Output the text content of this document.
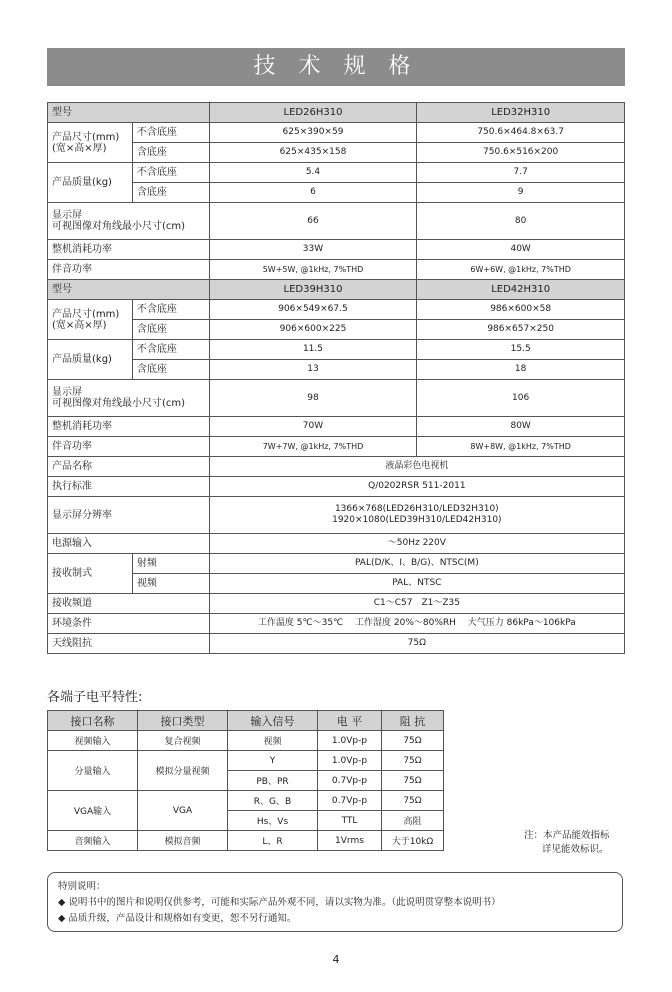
技 术 规 格
型号		LED26H310	LED32H310
产品尺寸(mm)
(宽×高×厚)	不含底座	625×390×59	750.6×464.8×63.7
	含底座	625×435×158	750.6×516×200
产品质量(kg)	不含底座	5.4	7.7
	含底座	6	9
显示屏
可视图像对角线最小尺寸(cm)		66	80
整机消耗功率		33W	40W
伴音功率		5W+5W, @1kHz, 7%THD	6W+6W, @1kHz, 7%THD
型号		LED39H310	LED42H310
产品尺寸(mm)
(宽×高×厚)	不含底座	906×549×67.5	986×600×58
	含底座	906×600×225	986×657×250
产品质量(kg)	不含底座	11.5	15.5
	含底座	13	18
显示屏
可视图像对角线最小尺寸(cm)		98	106
整机消耗功率		70W	80W
伴音功率		7W+7W, @1kHz, 7%THD	8W+8W, @1kHz, 7%THD
产品名称		液晶彩色电视机	
执行标准		Q/0202RSR 511-2011	
显示屏分辨率		1366×768(LED26H310/LED32H310)
1920×1080(LED39H310/LED42H310)	
电源输入		～50Hz 220V	
接收制式	射频	PAL(D/K、I、B/G)、NTSC(M)	
	视频	PAL、NTSC	
接收频道		C1～C57　Z1～Z35	
环境条件		工作温度 5℃～35℃　 工作湿度 20%～80%RH　 大气压力 86kPa～106kPa	
天线阻抗		75Ω	
各端子电平特性:
接口名称	接口类型	输入信号	电 平	阻 抗
视频输入	复合视频	视频	1.0Vp-p	75Ω
分量输入	模拟分量视频	Y	1.0Vp-p	75Ω
		PB、PR	0.7Vp-p	75Ω
VGA输入	VGA	R、G、B	0.7Vp-p	75Ω
		Hs、Vs	TTL	高阻
音频输入	模拟音频	L、R	1Vrms	大于10kΩ
注：本产品能效指标
详见能效标识。
特别说明：
◆ 说明书中的图片和说明仅供参考，可能和实际产品外观不同，请以实物为准。（此说明贯穿整本说明书）
◆ 品质升级，产品设计和规格如有变更，恕不另行通知。
4
